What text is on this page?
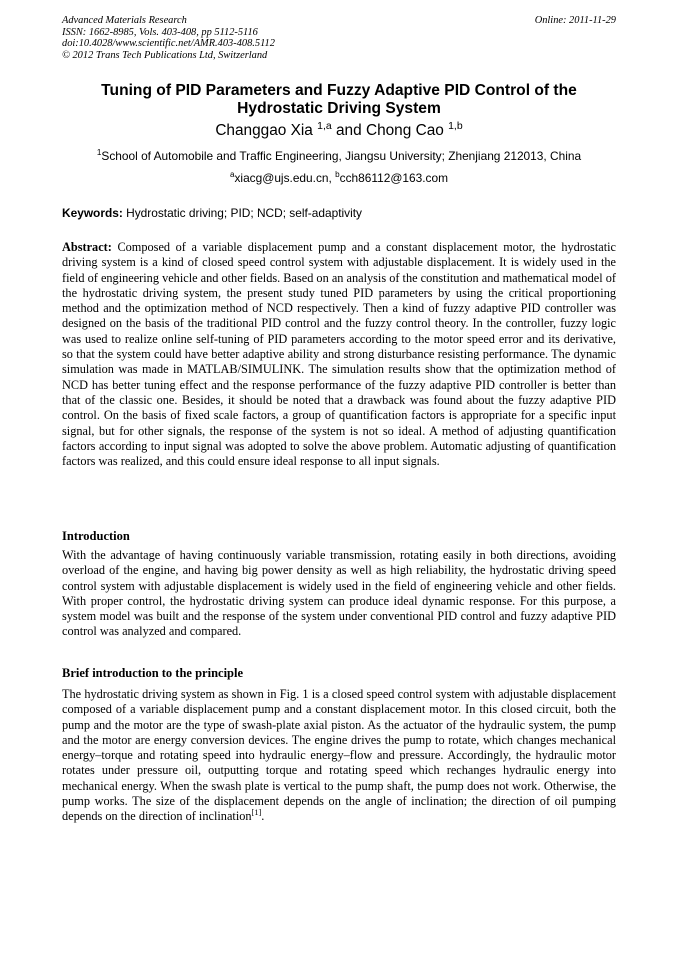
Advanced Materials Research
ISSN: 1662-8985, Vols. 403-408, pp 5112-5116
doi:10.4028/www.scientific.net/AMR.403-408.5112
© 2012 Trans Tech Publications Ltd, Switzerland
Online: 2011-11-29
Tuning of PID Parameters and Fuzzy Adaptive PID Control of the Hydrostatic Driving System
Changgao Xia $^{1,a}$ and Chong Cao $^{1,b}$
$^1$School of Automobile and Traffic Engineering, Jiangsu University; Zhenjiang 212013, China
$^a$xiacg@ujs.edu.cn, $^b$cch86112@163.com
Keywords: Hydrostatic driving; PID; NCD; self-adaptivity
Abstract: Composed of a variable displacement pump and a constant displacement motor, the hydrostatic driving system is a kind of closed speed control system with adjustable displacement. It is widely used in the field of engineering vehicle and other fields. Based on an analysis of the constitution and mathematical model of the hydrostatic driving system, the present study tuned PID parameters by using the critical proportioning method and the optimization method of NCD respectively. Then a kind of fuzzy adaptive PID controller was designed on the basis of the traditional PID control and the fuzzy control theory. In the controller, fuzzy logic was used to realize online self-tuning of PID parameters according to the motor speed error and its derivative, so that the system could have better adaptive ability and strong disturbance resisting performance. The dynamic simulation was made in MATLAB/SIMULINK. The simulation results show that the optimization method of NCD has better tuning effect and the response performance of the fuzzy adaptive PID controller is better than that of the classic one. Besides, it should be noted that a drawback was found about the fuzzy adaptive PID control. On the basis of fixed scale factors, a group of quantification factors is appropriate for a specific input signal, but for other signals, the response of the system is not so ideal. A method of adjusting quantification factors according to input signal was adopted to solve the above problem. Automatic adjusting of quantification factors was realized, and this could ensure ideal response to all input signals.
Introduction
With the advantage of having continuously variable transmission, rotating easily in both directions, avoiding overload of the engine, and having big power density as well as high reliability, the hydrostatic driving speed control system with adjustable displacement is widely used in the field of engineering vehicle and other fields. With proper control, the hydrostatic driving system can produce ideal dynamic response. For this purpose, a system model was built and the response of the system under conventional PID control and fuzzy adaptive PID control was analyzed and compared.
Brief introduction to the principle
The hydrostatic driving system as shown in Fig. 1 is a closed speed control system with adjustable displacement composed of a variable displacement pump and a constant displacement motor. In this closed circuit, both the pump and the motor are the type of swash-plate axial piston. As the actuator of the hydraulic system, the pump and the motor are energy conversion devices. The engine drives the pump to rotate, which changes mechanical energy–torque and rotating speed into hydraulic energy–flow and pressure. Accordingly, the hydraulic motor rotates under pressure oil, outputting torque and rotating speed which rechanges hydraulic energy into mechanical energy. When the swash plate is vertical to the pump shaft, the pump does not work. Otherwise, the pump works. The size of the displacement depends on the angle of inclination; the direction of oil pumping depends on the direction of inclination[1].
